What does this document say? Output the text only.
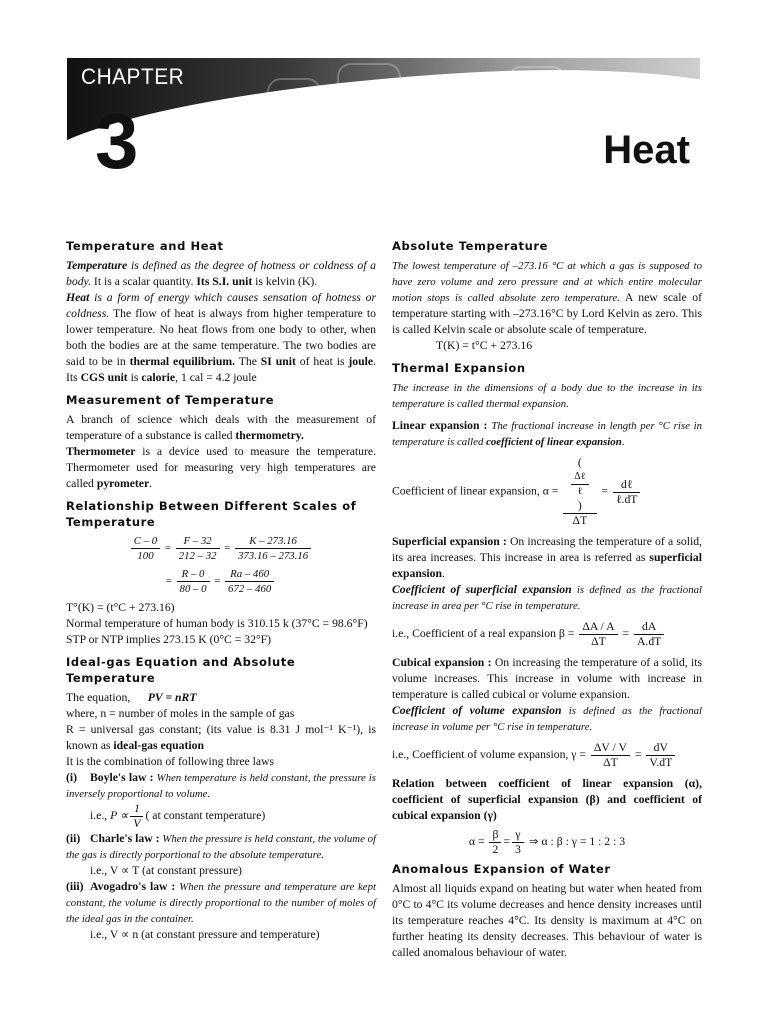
CHAPTER
3	Heat
Temperature and Heat

Temperature is defined as the degree of hotness or coldness of a body. It is a scalar quantity. Its S.I. unit is kelvin (K).

Heat is a form of energy which causes sensation of hotness or coldness. The flow of heat is always from higher temperature to lower temperature. No heat flows from one body to other, when both the bodies are at the same temperature. The two bodies are said to be in thermal equilibrium. The SI unit of heat is joule. Its CGS unit is calorie, 1 cal = 4.2 joule

Measurement of Temperature

A branch of science which deals with the measurement of temperature of a substance is called thermometry.

Thermometer is a device used to measure the temperature. Thermometer used for measuring very high temperatures are called pyrometer.

Relationship Between Different Scales of Temperature
$\frac{C - 0}{100} = \frac{F - 32}{212 - 32} = \frac{K - 273.16}{373.16 - 273.16}$
= $\frac{R - 0}{80 - 0} = \frac{Ra - 460}{672 - 460}$

T°(K) = (t°C + 273.16)

Normal temperature of human body is 310.15 k (37°C = 98.6°F)

STP or NTP implies 273.15 K (0°C = 32°F)

Ideal-gas Equation and Absolute Temperature

The equation, PV = nRT

where, n = number of moles in the sample of gas

R = universal gas constant; (its value is 8.31 J mol⁻¹ K⁻¹), is known as ideal-gas equation

It is the combination of following three laws

(i) Boyle's law : When temperature is held constant, the pressure is inversely proportional to volume.

i.e., $P \propto \frac{1}{V}$ ( at constant temperature)

(ii) Charle's law : When the pressure is held constant, the volume of the gas is directly porportional to the absolute temperature.

i.e., V ∝ T (at constant pressure)

(iii) Avogadro's law : When the pressure and temperature are kept constant, the volume is directly proportional to the number of moles of the ideal gas in the container.

i.e., V ∝ n (at constant pressure and temperature)

Absolute Temperature

The lowest temperature of –273.16 °C at which a gas is supposed to have zero volume and zero pressure and at which entire molecular motion stops is called absolute zero temperature. A new scale of temperature starting with –273.16°C by Lord Kelvin as zero. This is called Kelvin scale or absolute scale of temperature.

T(K) = t°C + 273.16

Thermal Expansion

The increase in the dimensions of a body due to the increase in its temperature is called thermal expansion.

Linear expansion : The fractional increase in length per °C rise in temperature is called coefficient of linear expansion.

Coefficient of linear expansion, α = (
Δℓ
ℓ
)
$\Delta T = \frac{\text{dℓ}}{\text{ℓ.dT}}$

Superficial expansion : On increasing the temperature of a solid, its area increases. This increase in area is referred as superficial expansion.

Coefficient of superficial expansion is defined as the fractional increase in area per °C rise in temperature.

i.e., Coefficient of a real expansion $\beta = \frac{\Delta A / A}{\Delta T} = \frac{dA}{A.dT}$

Cubical expansion : On increasing the temperature of a solid, its volume increases. This increase in volume with increase in temperature is called cubical or volume expansion.

Coefficient of volume expansion is defined as the fractional increase in volume per °C rise in temperature.

i.e., Coefficient of volume expansion, $\gamma = \frac{\Delta V / V}{\Delta T} = \frac{dV}{V.dT}$

Relation between coefficient of linear expansion (α), coefficient of superficial expansion (β) and coefficient of cubical expansion (γ)

$\alpha = \frac{\beta}{2} = \frac{\gamma}{3}$ ⇒ α : β : γ = 1 : 2 : 3
Anomalous Expansion of Water

Almost all liquids expand on heating but water when heated from 0°C to 4°C its volume decreases and hence density increases until its temperature reaches 4°C. Its density is maximum at 4°C on further heating its density decreases. This behaviour of water is called anomalous behaviour of water.
